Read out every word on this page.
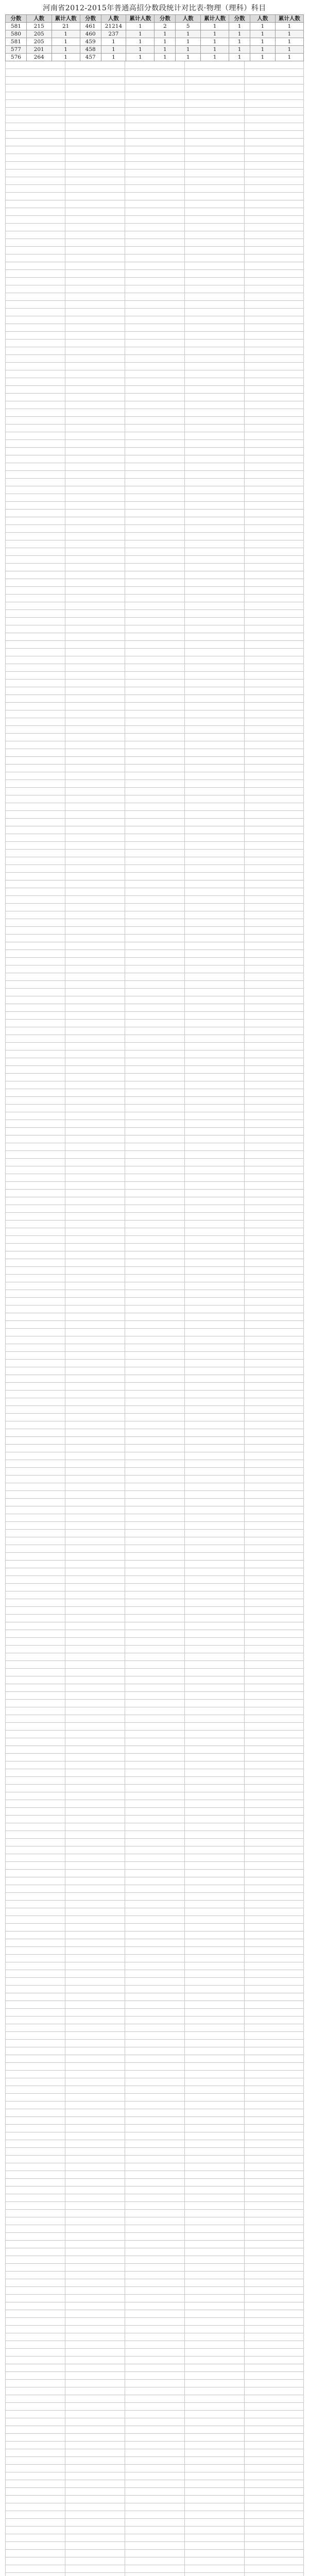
河南省2012-2015年普通高招分数段统计对比表·物理（理科）科目
分数	人数	累计人数	分数	人数	累计人数	分数	人数	累计人数	分数	人数	累计人数
581	215	21	461	21214	1	2	5	1	1	1	1
580	205	1	460	237	1	1	1	1	1	1	1
581	205	1	459	1	1	1	1	1	1	1	1
577	201	1	458	1	1	1	1	1	1	1	1
576	264	1	457	1	1	1	1	1	1	1	1
